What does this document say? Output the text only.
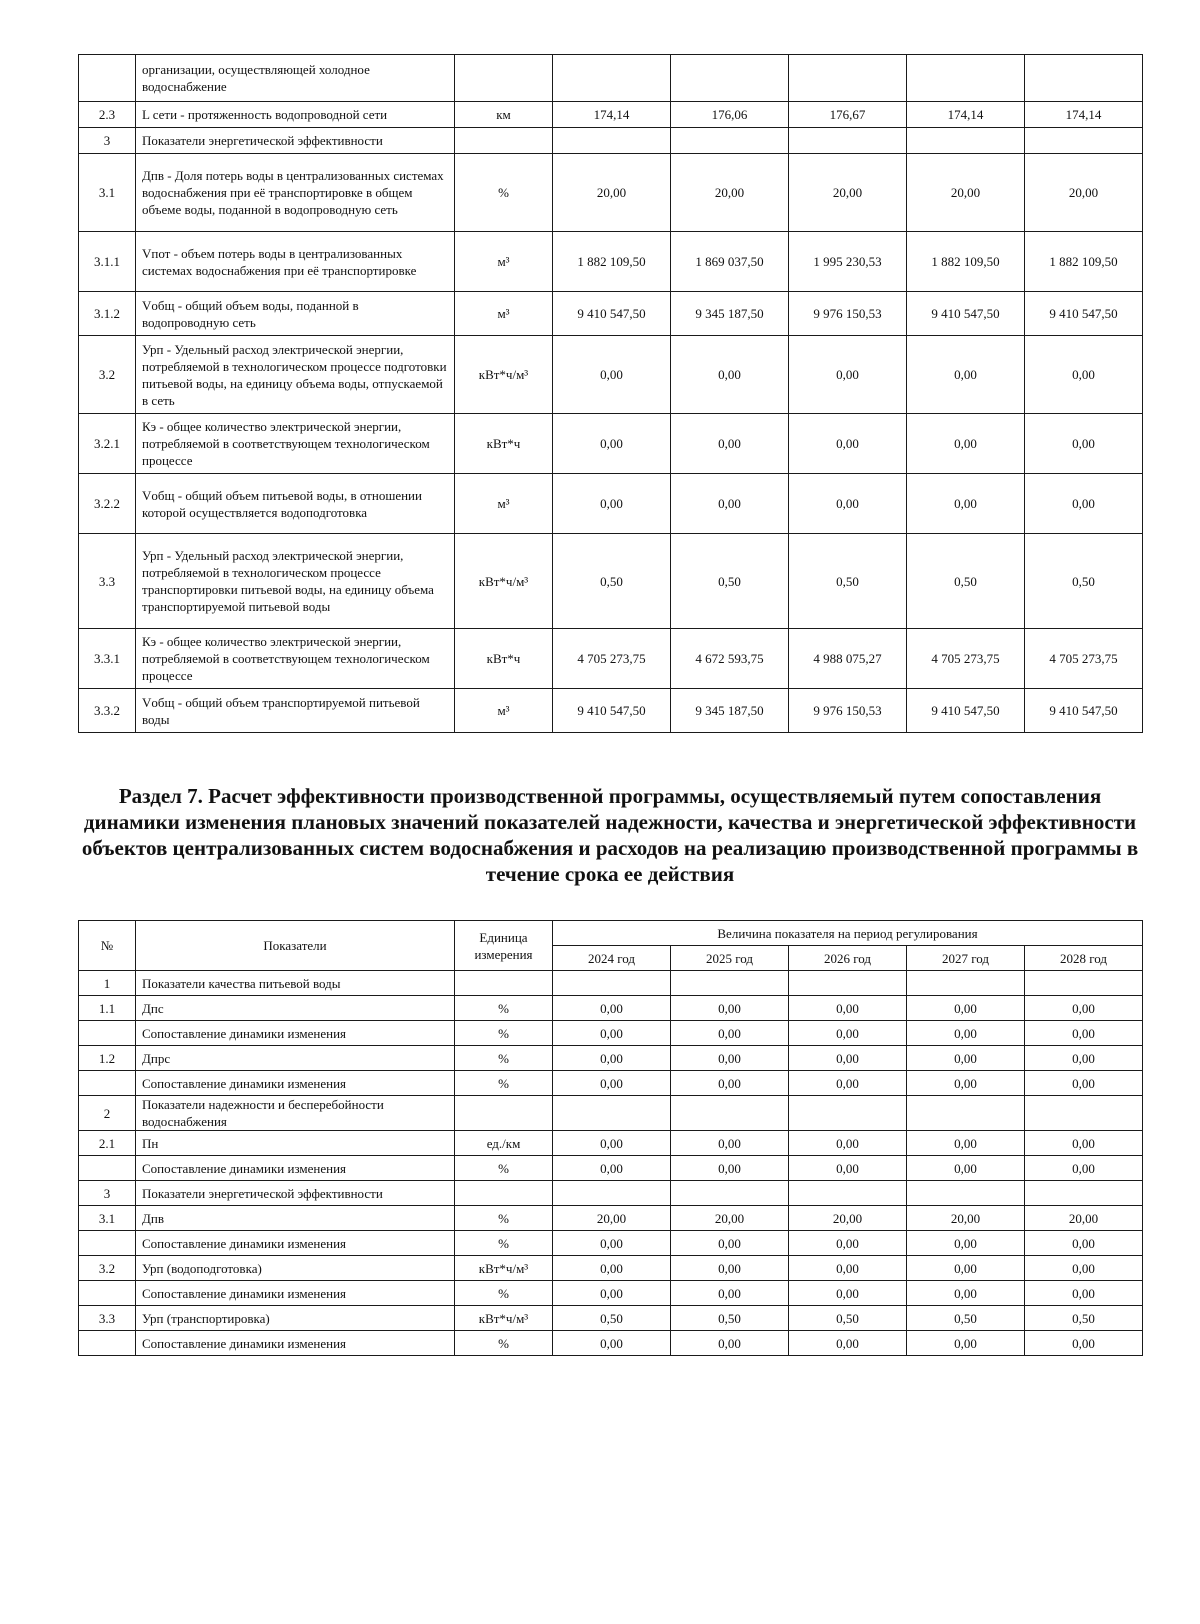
	организации, осуществляющей холодное водоснабжение						
2.3	L сети - протяженность водопроводной сети	км	174,14	176,06	176,67	174,14	174,14
3	Показатели энергетической эффективности						
3.1	Дпв - Доля потерь воды в централизованных системах водоснабжения при её транспортировке в общем объеме воды, поданной в водопроводную сеть	%	20,00	20,00	20,00	20,00	20,00
3.1.1	Vпот - объем потерь воды в централизованных системах водоснабжения при её транспортировке	м³	1 882 109,50	1 869 037,50	1 995 230,53	1 882 109,50	1 882 109,50
3.1.2	Vобщ - общий объем воды, поданной в водопроводную сеть	м³	9 410 547,50	9 345 187,50	9 976 150,53	9 410 547,50	9 410 547,50
3.2	Урп - Удельный расход электрической энергии, потребляемой в технологическом процессе подготовки питьевой воды, на единицу объема воды, отпускаемой в сеть	кВт*ч/м³	0,00	0,00	0,00	0,00	0,00
3.2.1	Кэ - общее количество электрической энергии, потребляемой в соответствующем технологическом процессе	кВт*ч	0,00	0,00	0,00	0,00	0,00
3.2.2	Vобщ - общий объем питьевой воды, в отношении которой осуществляется водоподготовка	м³	0,00	0,00	0,00	0,00	0,00
3.3	Урп - Удельный расход электрической энергии, потребляемой в технологическом процессе транспортировки питьевой воды, на единицу объема транспортируемой питьевой воды	кВт*ч/м³	0,50	0,50	0,50	0,50	0,50
3.3.1	Кэ - общее количество электрической энергии, потребляемой в соответствующем технологическом процессе	кВт*ч	4 705 273,75	4 672 593,75	4 988 075,27	4 705 273,75	4 705 273,75
3.3.2	Vобщ - общий объем транспортируемой питьевой воды	м³	9 410 547,50	9 345 187,50	9 976 150,53	9 410 547,50	9 410 547,50
Раздел 7. Расчет эффективности производственной программы, осуществляемый путем сопоставления динамики изменения плановых значений показателей надежности, качества и энергетической эффективности объектов централизованных систем водоснабжения и расходов на реализацию производственной программы в течение срока ее действия
№	Показатели	Единица измерения	Величина показателя на период регулирования				
			2024 год	2025 год	2026 год	2027 год	2028 год
1	Показатели качества питьевой воды						
1.1	Дпс	%	0,00	0,00	0,00	0,00	0,00
	Сопоставление динамики изменения	%	0,00	0,00	0,00	0,00	0,00
1.2	Дпрс	%	0,00	0,00	0,00	0,00	0,00
	Сопоставление динамики изменения	%	0,00	0,00	0,00	0,00	0,00
2	Показатели надежности и бесперебойности водоснабжения						
2.1	Пн	ед./км	0,00	0,00	0,00	0,00	0,00
	Сопоставление динамики изменения	%	0,00	0,00	0,00	0,00	0,00
3	Показатели энергетической эффективности						
3.1	Дпв	%	20,00	20,00	20,00	20,00	20,00
	Сопоставление динамики изменения	%	0,00	0,00	0,00	0,00	0,00
3.2	Урп (водоподготовка)	кВт*ч/м³	0,00	0,00	0,00	0,00	0,00
	Сопоставление динамики изменения	%	0,00	0,00	0,00	0,00	0,00
3.3	Урп (транспортировка)	кВт*ч/м³	0,50	0,50	0,50	0,50	0,50
	Сопоставление динамики изменения	%	0,00	0,00	0,00	0,00	0,00
